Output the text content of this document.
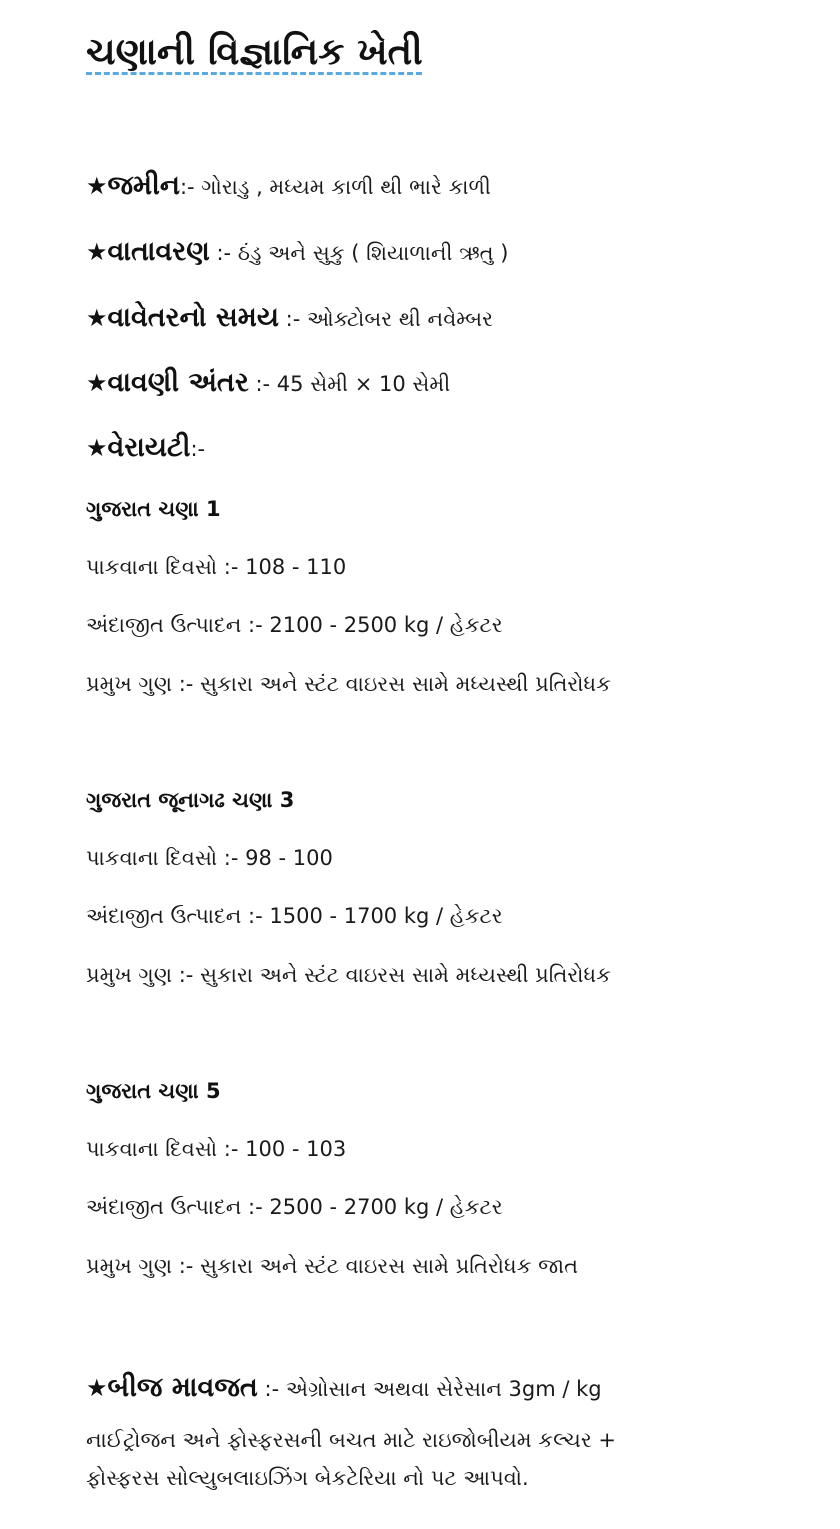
ચણાની વિજ્ઞાનિક ખેતી
★જમીન:- ગોરાડુ , મધ્યમ કાળી થી ભારે કાળી
★વાતાવરણ :- ઠંડુ અને સુકુ ( શિયાળાની ઋતુ )
★વાવેતરનો સમય :- ઓક્ટોબર થી નવેમ્બર
★વાવણી અંતર :- 45 સેમી × 10 સેમી
★વેરાયટી:-
ગુજરાત ચણા 1
પાકવાના દિવસો :- 108 - 110
અંદાજીત ઉત્પાદન :- 2100 - 2500 kg / હેકટર
પ્રમુખ ગુણ :- સુકારા અને સ્ટંટ વાઇરસ સામે મધ્યસ્થી પ્રતિરોધક
ગુજરાત જૂનાગઢ ચણા 3
પાકવાના દિવસો :- 98 - 100
અંદાજીત ઉત્પાદન :- 1500 - 1700 kg / હેકટર
પ્રમુખ ગુણ :- સુકારા અને સ્ટંટ વાઇરસ સામે મધ્યસ્થી પ્રતિરોધક
ગુજરાત ચણા 5
પાકવાના દિવસો :- 100 - 103
અંદાજીત ઉત્પાદન :- 2500 - 2700 kg / હેકટર
પ્રમુખ ગુણ :- સુકારા અને સ્ટંટ વાઇરસ સામે પ્રતિરોધક જાત
★બીજ માવજત :- એગ્રોસાન અથવા સેરેસાન 3gm / kg
નાઈટ્રોજન અને ફોસ્ફરસની બચત માટે રાઇજોબીયમ કલ્ચર +
ફોસ્ફરસ સોલ્યુબલાઇઝિંગ બેકટેરિયા નો પટ આપવો.
